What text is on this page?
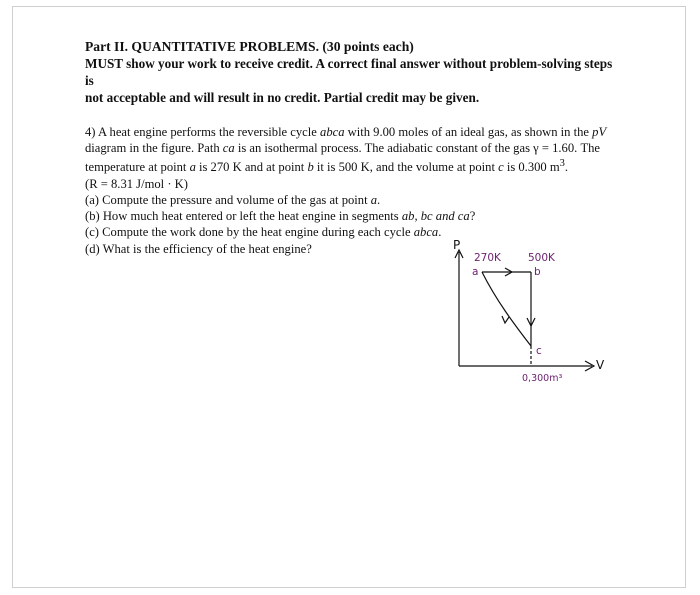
Part II. QUANTITATIVE PROBLEMS. (30 points each)

MUST show your work to receive credit. A correct final answer without problem-solving steps is

not acceptable and will result in no credit. Partial credit may be given.

4) A heat engine performs the reversible cycle abca with 9.00 moles of an ideal gas, as shown in the pV
diagram in the figure. Path ca is an isothermal process. The adiabatic constant of the gas γ = 1.60. The
temperature at point a is 270 K and at point b it is 500 K, and the volume at point c is 0.300 $m^3$.
(R = 8.31 J/mol · K)
(a) Compute the pressure and volume of the gas at point a.
(b) How much heat entered or left the heat engine in segments ab, bc and ca?
(c) Compute the work done by the heat engine during each cycle abca.
(d) What is the efficiency of the heat engine?	P
V
270K	500K
a	b
c
0,300m³
